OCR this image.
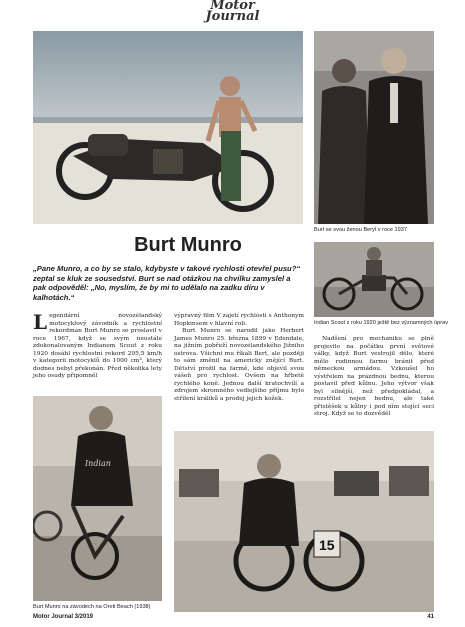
Motor
Journal
Burt se svou ženou Beryl v roce 1937
Indian Scout z roku 1920 ještě bez významných úprav
Burt Munro
„Pane Munro, a co by se stalo, kdybyste v takové rychlosti otevřel pusu?“ zeptal se kluk ze sousedství. Burt se nad otázkou na chvilku zamyslel a pak odpověděl: „No, myslím, že by mi to udělalo na zadku díru v kalhotách.“

Legendární novozélandský motocyklový závodník a rychlostní rekordman Burt Munro se proslavil v roce 1967, když se svým neustále zdokonalovaným Indianem Scout z roku 1920 dosáhl rychlostní rekord 295,5 km/h v kategorii motocyklů do 1000 cm³, který dodnes nebyl překonán. Před několika lety jeho osudy připomněl

výpravný film V zajetí rychlosti s Anthonym Hopkinsem v hlavní roli.

Burt Munro se narodil jako Herbert James Munro 25. března 1899 v Edendale, na jižním pobřeží novozélandského Jižního ostrova. Všichni mu říkali Bert, ale později to sám změnil na americky znějící Burt. Dětství prožil na farmě, kde objevil svou vášeň pro rychlost. Ovšem na hřbetě rychlého koně. Jednou další kratochvílí a zdrojem skromného vedlejšího příjmu bylo střílení králíků a prodej jejich kožek.

Nadšení pro mechaniku se plně projevilo na počátku první světové války, když Burt vestrojil dělo, které mělo rodinnou farmu bránit před německou armádou. Vzkoušel ho výstřelem na prázdnou bednu, kterou postavil před kůlnu. Jeho výtvor však byl silnější, než předpokládal, a rozstřílel nejen bednu, ale také přistěšek u kůlny i pod ním stojící seci stroj. Když se to dozvěděl

Indian
Burt Munro na závodech na Oreti Beach (1938)
15
Motor Journal 3/2019	41
